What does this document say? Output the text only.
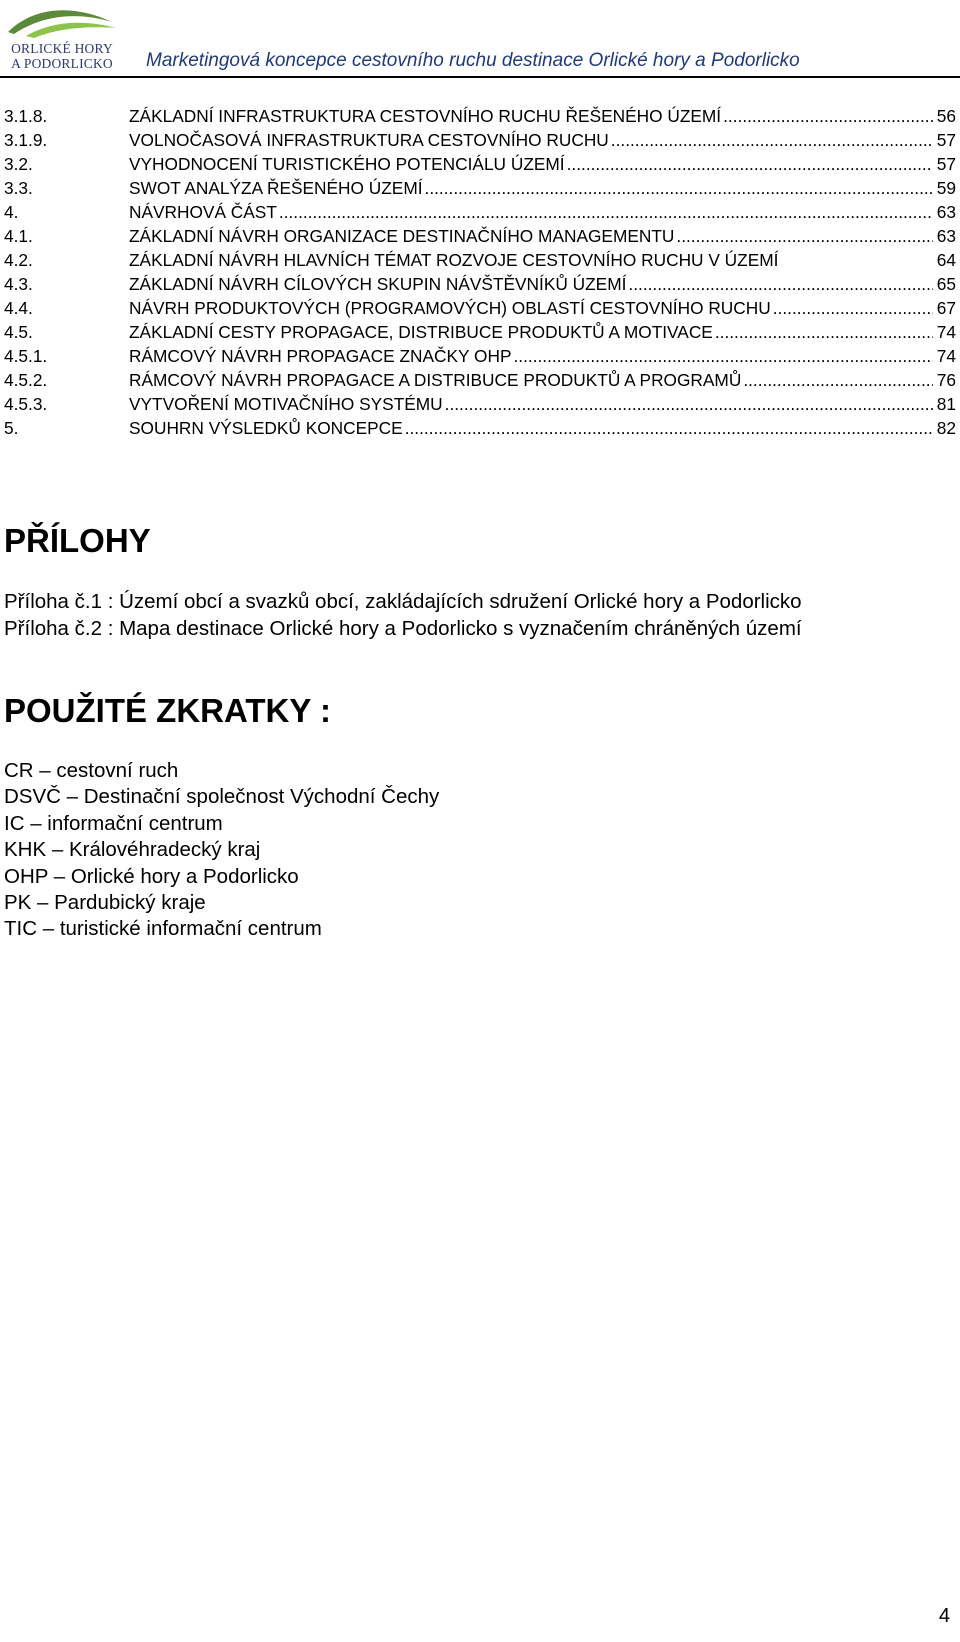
ORLICKÉ HORY
A PODORLICKO	Marketingová koncepce cestovního ruchu destinace Orlické hory a Podorlicko
3.1.8.	ZÁKLADNÍ INFRASTRUKTURA CESTOVNÍHO RUCHU ŘEŠENÉHO ÚZEMÍ .....	56
3.1.9.	VOLNOČASOVÁ INFRASTRUKTURA CESTOVNÍHO RUCHU .....	57
3.2.	VYHODNOCENÍ TURISTICKÉHO POTENCIÁLU ÚZEMÍ .....	57
3.3.	SWOT ANALÝZA ŘEŠENÉHO ÚZEMÍ .....	59
4.	NÁVRHOVÁ ČÁST .....	63
4.1.	ZÁKLADNÍ NÁVRH ORGANIZACE DESTINAČNÍHO MANAGEMENTU .....	63
4.2.	ZÁKLADNÍ NÁVRH HLAVNÍCH TÉMAT ROZVOJE CESTOVNÍHO RUCHU V ÚZEMÍ	64
4.3.	ZÁKLADNÍ NÁVRH CÍLOVÝCH SKUPIN NÁVŠTĚVNÍKŮ ÚZEMÍ .....	65
4.4.	NÁVRH PRODUKTOVÝCH (PROGRAMOVÝCH) OBLASTÍ CESTOVNÍHO RUCHU .....	67
4.5.	ZÁKLADNÍ CESTY PROPAGACE, DISTRIBUCE PRODUKTŮ A MOTIVACE .....	74
4.5.1.	RÁMCOVÝ NÁVRH PROPAGACE ZNAČKY OHP .....	74
4.5.2.	RÁMCOVÝ NÁVRH PROPAGACE A DISTRIBUCE PRODUKTŮ A PROGRAMŮ .....	76
4.5.3.	VYTVOŘENÍ MOTIVAČNÍHO SYSTÉMU .....	81
5.	SOUHRN VÝSLEDKŮ KONCEPCE .....	82
PŘÍLOHY
Příloha č.1 : Území obcí a svazků obcí, zakládajících sdružení Orlické hory a Podorlicko
Příloha č.2 : Mapa destinace Orlické hory a Podorlicko s vyznačením chráněných území
POUŽITÉ ZKRATKY :
CR – cestovní ruch
DSVČ – Destinační společnost Východní Čechy
IC – informační centrum
KHK – Královéhradecký kraj
OHP – Orlické hory a Podorlicko
PK – Pardubický kraje
TIC – turistické informační centrum
4
